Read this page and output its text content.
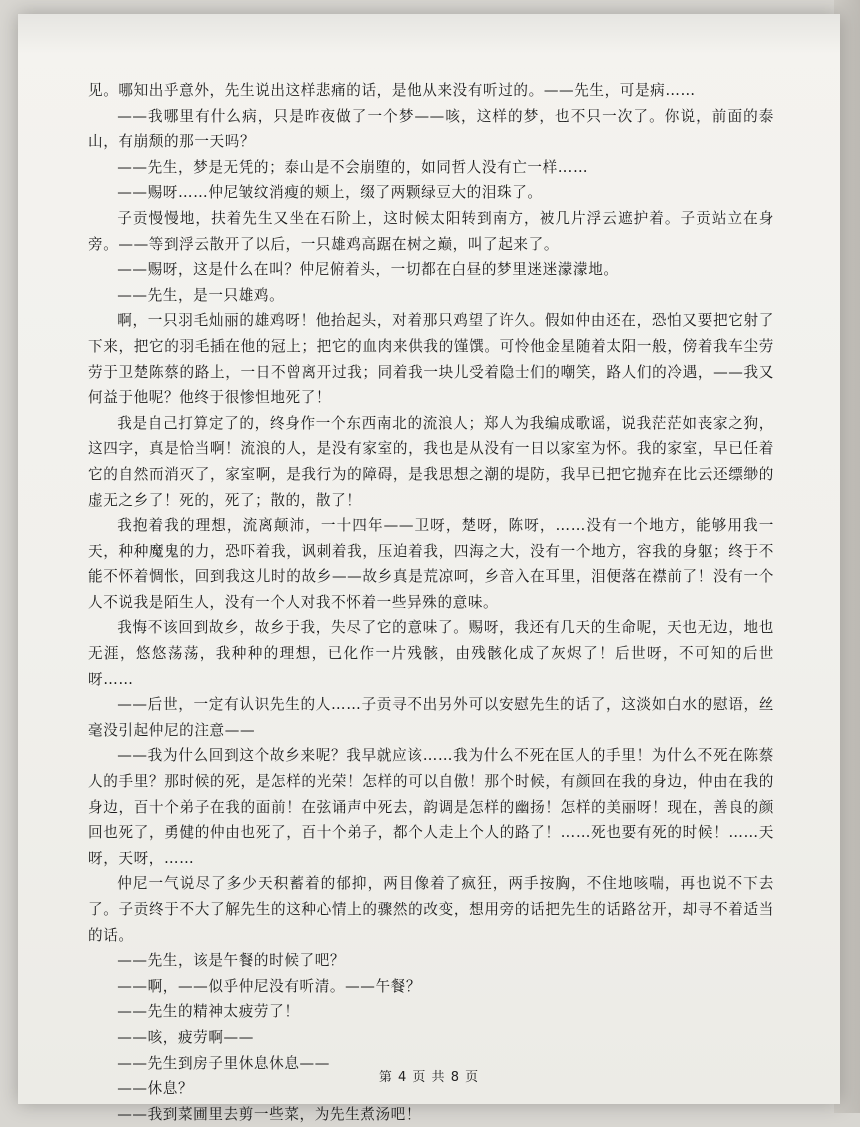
见。哪知出乎意外，先生说出这样悲痛的话，是他从来没有听过的。——先生，可是病……

——我哪里有什么病，只是昨夜做了一个梦——咳，这样的梦，也不只一次了。你说，前面的泰山，有崩颓的那一天吗？

——先生，梦是无凭的；泰山是不会崩堕的，如同哲人没有亡一样……

——赐呀……仲尼皱纹消瘦的颊上，缀了两颗绿豆大的泪珠了。

子贡慢慢地，扶着先生又坐在石阶上，这时候太阳转到南方，被几片浮云遮护着。子贡站立在身旁。——等到浮云散开了以后，一只雄鸡高踞在树之巅，叫了起来了。

——赐呀，这是什么在叫？仲尼俯着头，一切都在白昼的梦里迷迷濛濛地。

——先生，是一只雄鸡。

啊，一只羽毛灿丽的雄鸡呀！他抬起头，对着那只鸡望了许久。假如仲由还在，恐怕又要把它射了下来，把它的羽毛插在他的冠上；把它的血肉来供我的馑馔。可怜他金星随着太阳一般，傍着我车尘劳劳于卫楚陈蔡的路上，一日不曾离开过我；同着我一块儿受着隐士们的嘲笑，路人们的冷遇，——我又何益于他呢？他终于很惨怛地死了！

我是自己打算定了的，终身作一个东西南北的流浪人；郑人为我编成歌谣，说我茫茫如丧家之狗，这四字，真是恰当啊！流浪的人，是没有家室的，我也是从没有一日以家室为怀。我的家室，早已任着它的自然而消灭了，家室啊，是我行为的障碍，是我思想之潮的堤防，我早已把它抛弃在比云还缥缈的虚无之乡了！死的，死了；散的，散了！

我抱着我的理想，流离颠沛，一十四年——卫呀，楚呀，陈呀，……没有一个地方，能够用我一天，种种魔鬼的力，恐吓着我，讽刺着我，压迫着我，四海之大，没有一个地方，容我的身躯；终于不能不怀着惆怅，回到我这儿时的故乡——故乡真是荒凉呵，乡音入在耳里，泪便落在襟前了！没有一个人不说我是陌生人，没有一个人对我不怀着一些异殊的意味。

我悔不该回到故乡，故乡于我，失尽了它的意味了。赐呀，我还有几天的生命呢，天也无边，地也无涯，悠悠荡荡，我种种的理想，已化作一片残骸，由残骸化成了灰烬了！后世呀，不可知的后世呀……

——后世，一定有认识先生的人……子贡寻不出另外可以安慰先生的话了，这淡如白水的慰语，丝毫没引起仲尼的注意——

——我为什么回到这个故乡来呢？我早就应该……我为什么不死在匡人的手里！为什么不死在陈蔡人的手里？那时候的死，是怎样的光荣！怎样的可以自傲！那个时候，有颜回在我的身边，仲由在我的身边，百十个弟子在我的面前！在弦诵声中死去，韵调是怎样的幽扬！怎样的美丽呀！现在，善良的颜回也死了，勇健的仲由也死了，百十个弟子，都个人走上个人的路了！……死也要有死的时候！……天呀，天呀，……

仲尼一气说尽了多少天积蓄着的郁抑，两目像着了疯狂，两手按胸，不住地咳喘，再也说不下去了。子贡终于不大了解先生的这种心情上的骤然的改变，想用旁的话把先生的话路岔开，却寻不着适当的话。

——先生，该是午餐的时候了吧？

——啊，——似乎仲尼没有听清。——午餐？

——先生的精神太疲劳了！

——咳，疲劳啊——

——先生到房子里休息休息——

——休息？

——我到菜圃里去剪一些菜，为先生煮汤吧！

第 4 页 共 8 页
